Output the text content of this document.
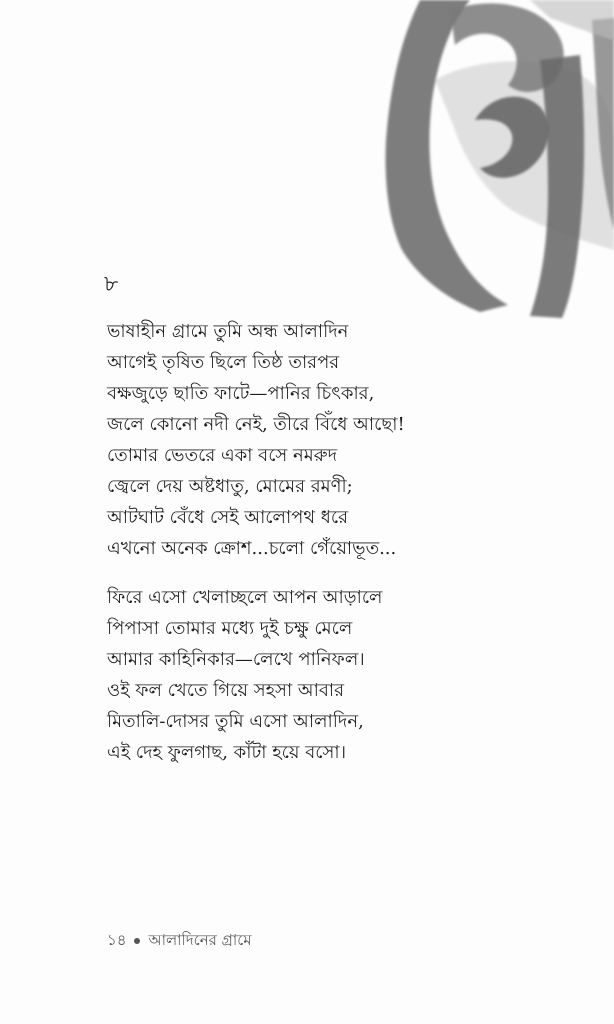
৮
ভাষাহীন গ্রামে তুমি অন্ধ আলাদিন
আগেই তৃষিত ছিলে তিষ্ঠ তারপর
বক্ষজুড়ে ছাতি ফাটে—পানির চিৎকার,
জলে কোনো নদী নেই, তীরে বিঁধে আছো!
তোমার ভেতরে একা বসে নমরুদ
জ্বেলে দেয় অষ্টধাতু, মোমের রমণী;
আটঘাট বেঁধে সেই আলোপথ ধরে
এখনো অনেক ক্রোশ...চলো গেঁয়োভূত...
ফিরে এসো খেলাচ্ছলে আপন আড়ালে
পিপাসা তোমার মধ্যে দুই চক্ষু মেলে
আমার কাহিনিকার—লেখে পানিফল।
ওই ফল খেতে গিয়ে সহসা আবার
মিতালি-দোসর তুমি এসো আলাদিন,
এই দেহ ফুলগাছ, কাঁটা হয়ে বসো।
১৪ আলাদিনের গ্রামে
